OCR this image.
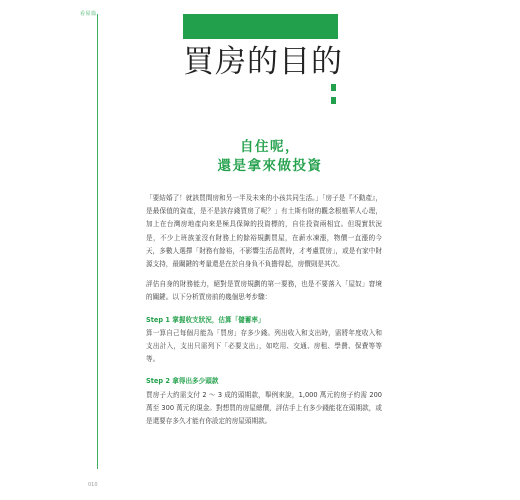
看屋篇
010
買房的目的
自住呢，
還是拿來做投資

「要結婚了！就該買間房和另一半及未來的小孩共同生活。」「房子是『不動產』，是最保值的資產，是不是該存錢買房了呢？」有土斯有財的觀念根植華人心理，加上在台灣房地產向來是極具保障的投資標的，自住投資兩相宜。但現實狀況是，不少上班族並沒有財務上的餘裕規劃買屋，在薪水凍漲，物價一直漲的今天，多數人選擇「財務有餘裕，不影響生活品質時，才考慮買房」，或是有家中財源支持，最關鍵的考量還是在於自身負不負擔得起，房價則是其次。

評估自身的財務能力，絕對是買房規劃的第一要務，也是不要落入「屋奴」窘境的關鍵。以下分析買房前的幾個思考步驟：

Step 1 掌握收支狀況，估算「儲蓄率」

算一算自己每個月能為「買房」存多少錢。列出收入和支出時，需將年度收入和支出計入，支出只需列下「必要支出」，如吃用、交通、房租、學費、保費等等等。

Step 2 拿得出多少頭款

買房子大約需支付 2 ～ 3 成的頭期款，舉例來說，1,000 萬元的房子約需 200 萬至 300 萬元的現金。對想買的房屋總價，評估手上有多少錢能花在頭期款，或是還要存多久才能有你設定的房屋頭期款。
